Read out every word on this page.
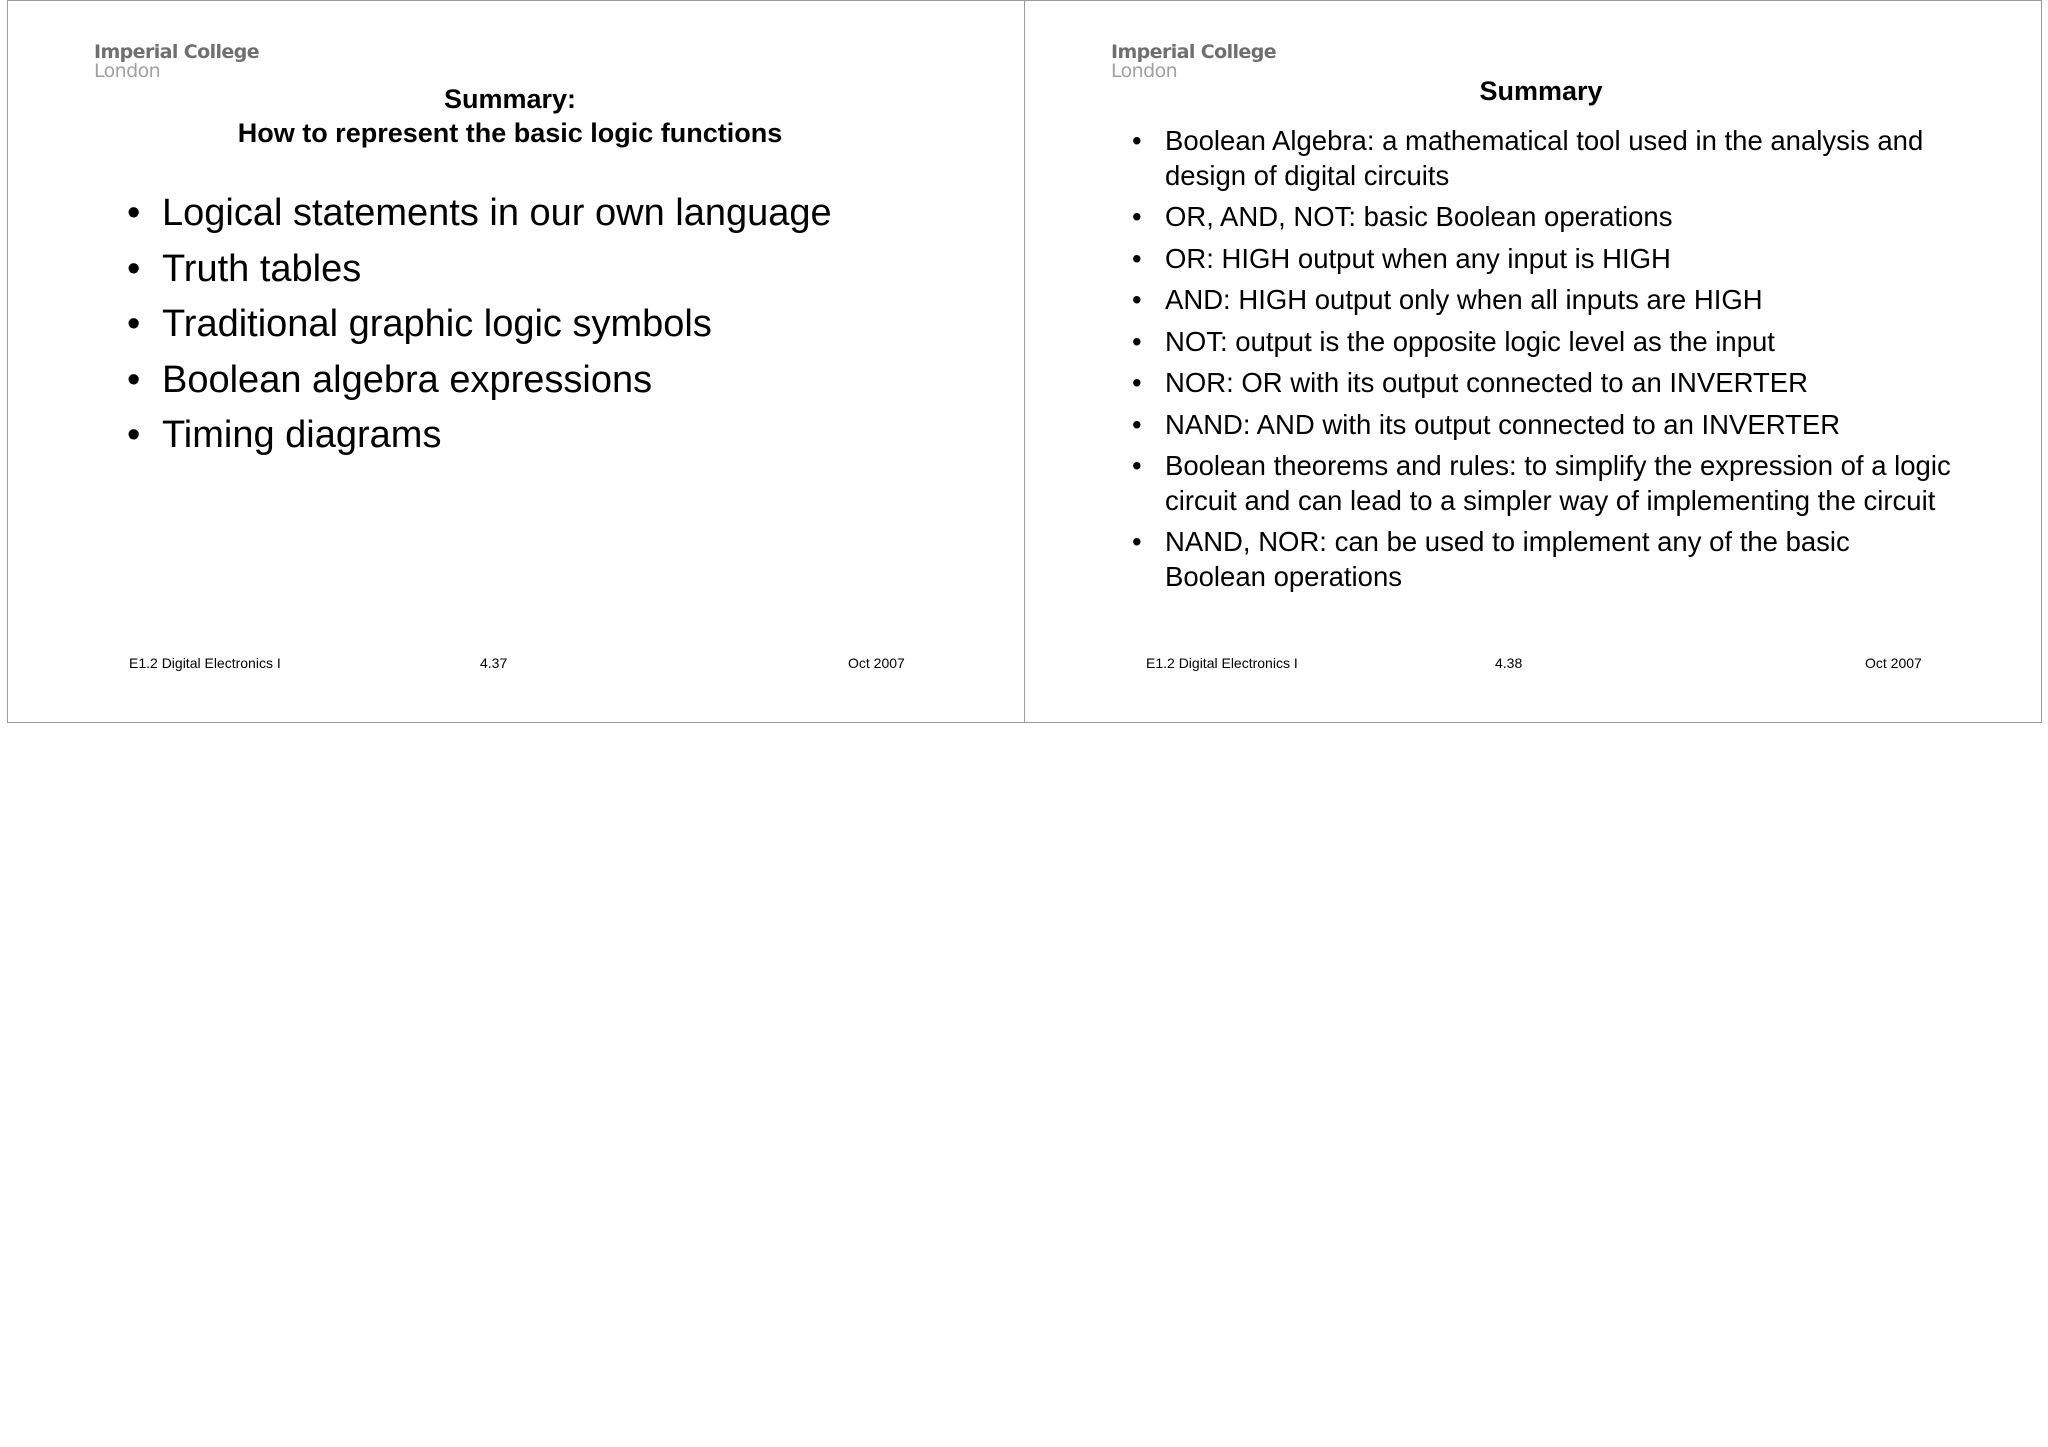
Imperial College
London
Summary:
How to represent the basic logic functions
• Logical statements in our own language
• Truth tables
• Traditional graphic logic symbols
• Boolean algebra expressions
• Timing diagrams
E1.2 Digital Electronics I	4.37	Oct 2007
Imperial College
London
Summary
• Boolean Algebra: a mathematical tool used in the analysis and design of digital circuits
• OR, AND, NOT: basic Boolean operations
• OR: HIGH output when any input is HIGH
• AND: HIGH output only when all inputs are HIGH
• NOT: output is the opposite logic level as the input
• NOR: OR with its output connected to an INVERTER
• NAND: AND with its output connected to an INVERTER
• Boolean theorems and rules: to simplify the expression of a logic circuit and can lead to a simpler way of implementing the circuit
• NAND, NOR: can be used to implement any of the basic Boolean operations
E1.2 Digital Electronics I	4.38	Oct 2007
